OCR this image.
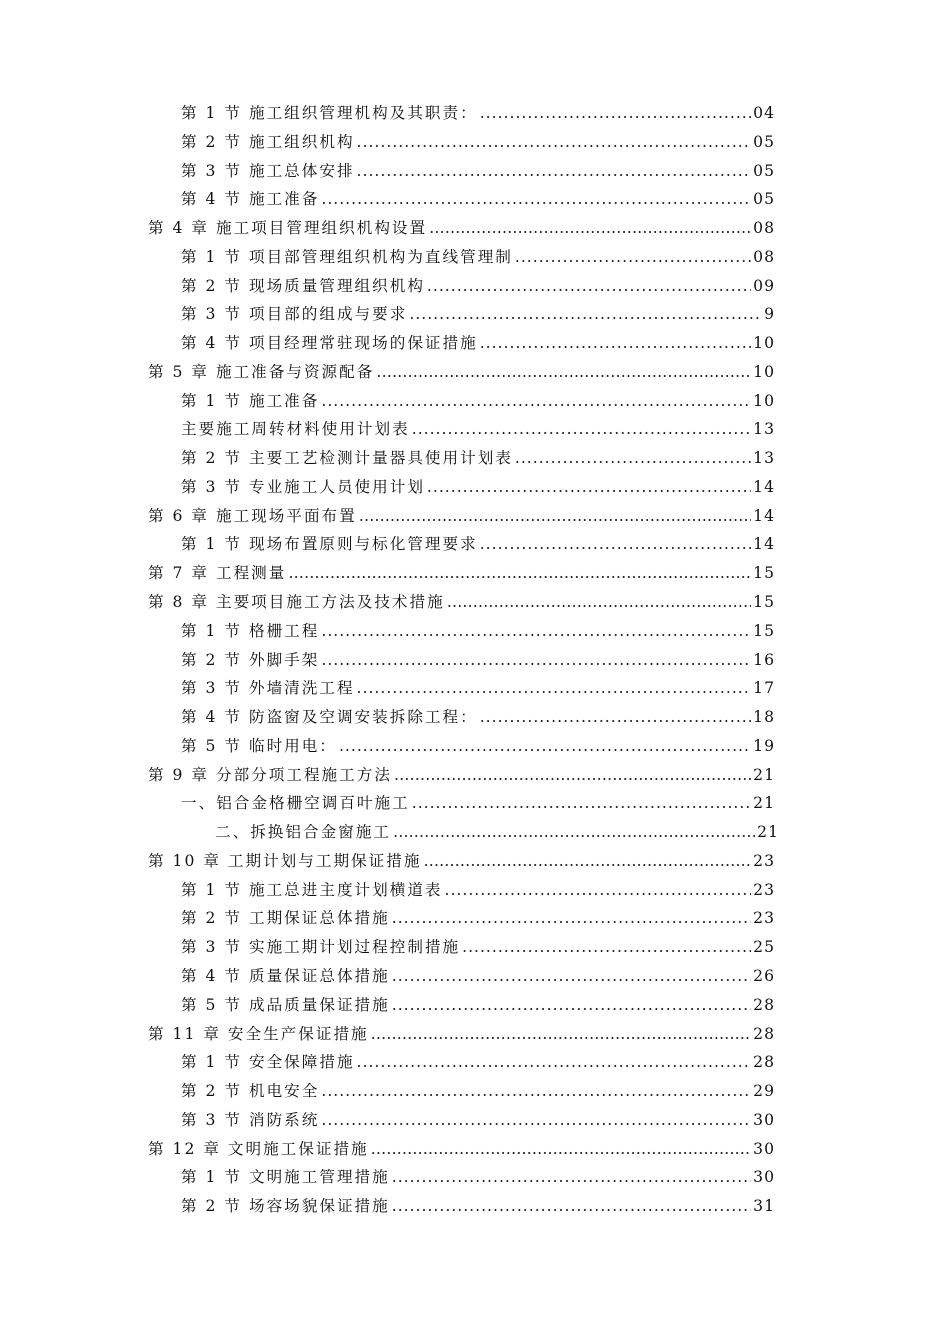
第 1 节 施工组织管理机构及其职责： .....	04
第 2 节 施工组织机构 .....	05
第 3 节 施工总体安排 .....	05
第 4 节 施工准备 .....	05
第 4 章 施工项目管理组织机构设置 …………………………………………………………………………………………………………………………………………………………………………………………………………	08
第 1 节 项目部管理组织机构为直线管理制 .....	08
第 2 节 现场质量管理组织机构 .....	09
第 3 节 项目部的组成与要求 .....	9
第 4 节 项目经理常驻现场的保证措施 .....	10
第 5 章 施工准备与资源配备 …………………………………………………………………………………………………………………………………………………………………………………………………………	10
第 1 节 施工准备 .....	10
主要施工周转材料使用计划表 .....	13
第 2 节 主要工艺检测计量器具使用计划表 .....	13
第 3 节 专业施工人员使用计划 .....	14
第 6 章 施工现场平面布置 …………………………………………………………………………………………………………………………………………………………………………………………………………	14
第 1 节 现场布置原则与标化管理要求 .....	14
第 7 章 工程测量 …………………………………………………………………………………………………………………………………………………………………………………………………………	15
第 8 章 主要项目施工方法及技术措施 …………………………………………………………………………………………………………………………………………………………………………………………………………	15
第 1 节 格栅工程 .....	15
第 2 节 外脚手架 .....	16
第 3 节 外墙清洗工程 .....	17
第 4 节 防盗窗及空调安装拆除工程： .....	18
第 5 节 临时用电： .....	19
第 9 章 分部分项工程施工方法 …………………………………………………………………………………………………………………………………………………………………………………………………………	21
一、铝合金格栅空调百叶施工 .....	21
二、拆换铝合金窗施工 …………………………………………………………………………………………………………………………………………………………………………………………………………	21
第 10 章 工期计划与工期保证措施 …………………………………………………………………………………………………………………………………………………………………………………………………………	23
第 1 节 施工总进主度计划横道表 .....	23
第 2 节 工期保证总体措施 .....	23
第 3 节 实施工期计划过程控制措施 .....	25
第 4 节 质量保证总体措施 .....	26
第 5 节 成品质量保证措施 .....	28
第 11 章 安全生产保证措施 …………………………………………………………………………………………………………………………………………………………………………………………………………	28
第 1 节 安全保障措施 .....	28
第 2 节 机电安全 .....	29
第 3 节 消防系统 .....	30
第 12 章 文明施工保证措施 …………………………………………………………………………………………………………………………………………………………………………………………………………	30
第 1 节 文明施工管理措施 .....	30
第 2 节 场容场貌保证措施 .....	31
